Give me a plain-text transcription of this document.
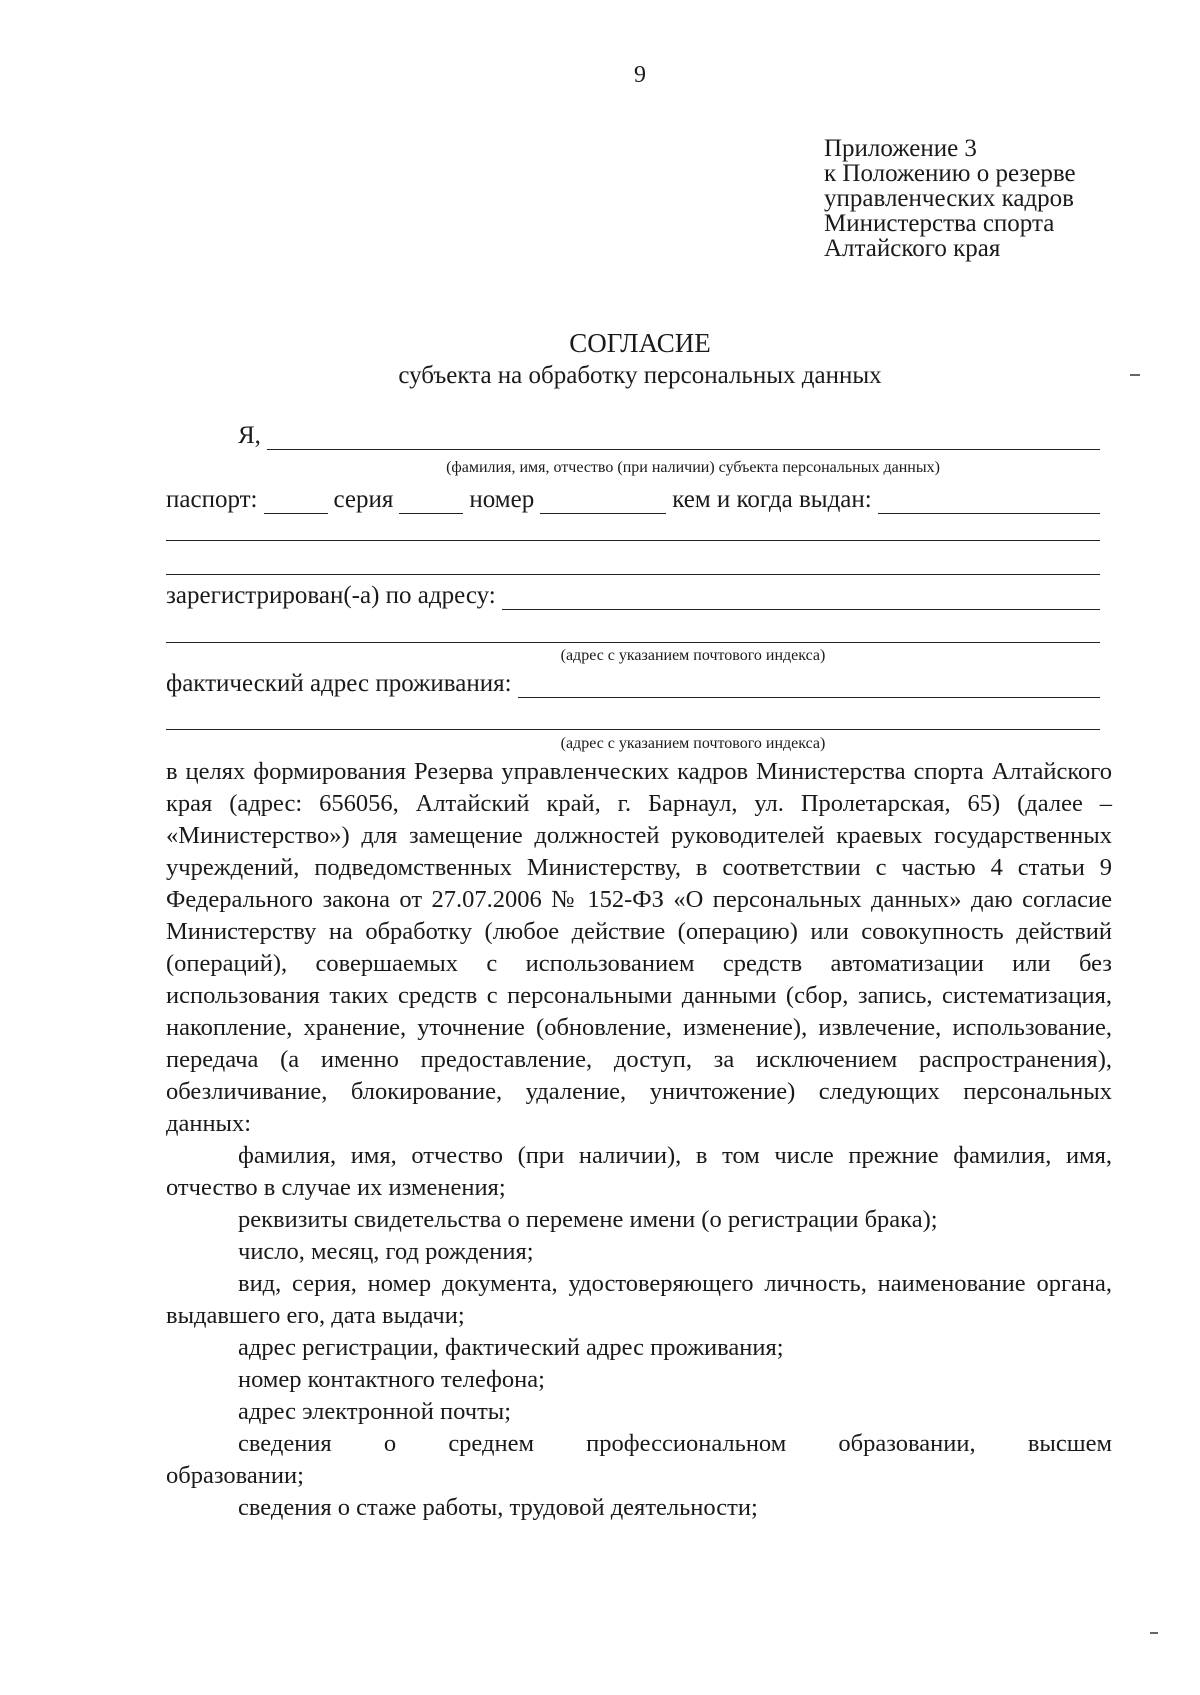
9
Приложение 3
к Положению о резерве
управленческих кадров
Министерства спорта
Алтайского края
СОГЛАСИЕ
субъекта на обработку персональных данных
Я,
(фамилия, имя, отчество (при наличии) субъекта персональных данных)
паспорт:	серия	номер	кем и когда выдан:
зарегистрирован(-а) по адресу:
(адрес с указанием почтового индекса)
фактический адрес проживания:
(адрес с указанием почтового индекса)

в целях формирования Резерва управленческих кадров Министерства спорта Алтайского края (адрес: 656056, Алтайский край, г. Барнаул, ул. Пролетарская, 65) (далее – «Министерство») для замещение должностей руководителей краевых государственных учреждений, подведомственных Министерству, в соответствии с частью 4 статьи 9 Федерального закона от 27.07.2006 № 152-ФЗ «О персональных данных» даю согласие Министерству на обработку (любое действие (операцию) или совокупность действий (операций), совершаемых с использованием средств автоматизации или без использования таких средств с персональными данными (сбор, запись, систематизация, накопление, хранение, уточнение (обновление, изменение), извлечение, использование, передача (а именно предоставление, доступ, за исключением распространения), обезличивание, блокирование, удаление, уничтожение) следующих персональных данных:

фамилия, имя, отчество (при наличии), в том числе прежние фамилия, имя, отчество в случае их изменения;

реквизиты свидетельства о перемене имени (о регистрации брака);

число, месяц, год рождения;

вид, серия, номер документа, удостоверяющего личность, наименование органа, выдавшего его, дата выдачи;

адрес регистрации, фактический адрес проживания;

номер контактного телефона;

адрес электронной почты;

сведения о среднем профессиональном образовании, высшем

образовании;

сведения о стаже работы, трудовой деятельности;
